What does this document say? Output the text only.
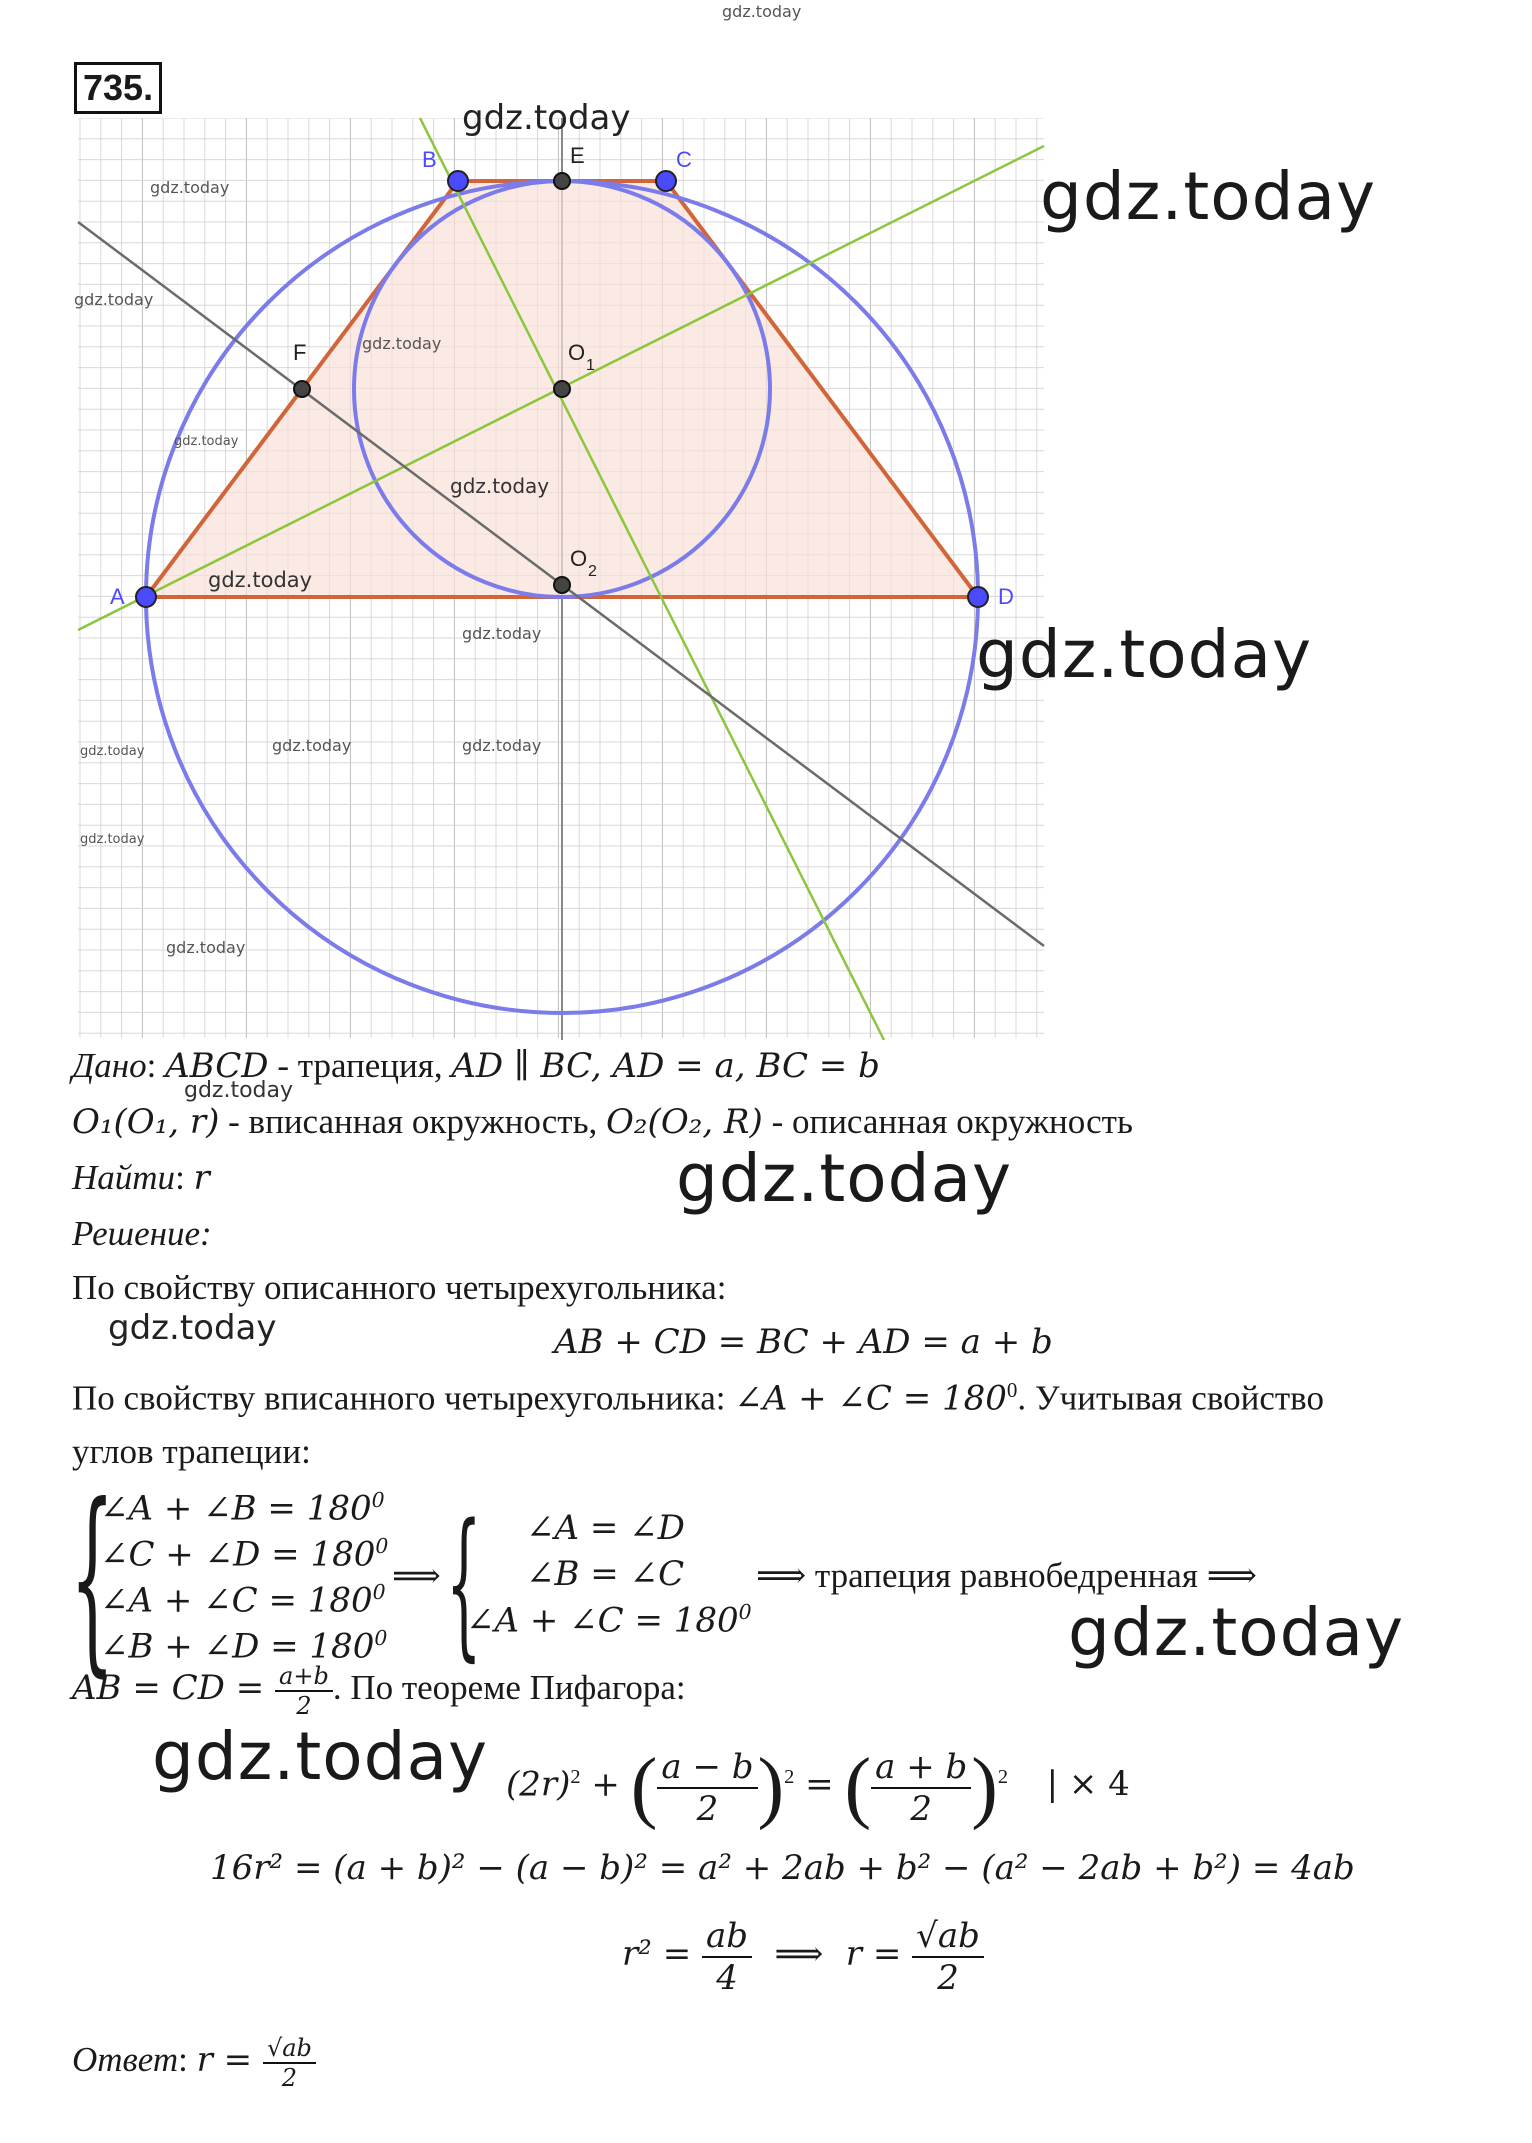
gdz.today
735.
B	C
E
A	D
F	O
1
O
2
gdz.today
gdz.today
gdz.today
gdz.today
gdz.today
gdz.today
gdz.today
gdz.today
gdz.today
gdz.today
gdz.today	gdz.today	gdz.today
gdz.today
gdz.today
Дано: ABCD - трапеция, AD ∥ BC, AD = a, BC = b
gdz.today
O₁(O₁, r) - вписанная окружность, O₂(O₂, R) - описанная окружность
Найти: r	gdz.today
Решение:
По свойству описанного четырехугольника:
gdz.today	AB + CD = BC + AD = a + b
По свойству вписанного четырехугольника: ∠A + ∠C = $180^0$. Учитывая свойство
углов трапеции:
{
∠A + ∠B = $180^0$
∠C + ∠D = $180^0$
∠A + ∠C = $180^0$
∠B + ∠D = $180^0$
⟹ { ∠A = ∠D
∠B = ∠C
∠A + ∠C = $180^0$
⟹ трапеция равнобедренная ⟹
gdz.today
AB = CD = $\frac{a+b}{2}$ . По теореме Пифагора:
gdz.today $(2r)^2$ + ( $\frac{a - b}{2} )^2$ = ( $\frac{a + b}{2} )^2$ | × 4
16r² = (a + b)² − (a − b)² = a² + 2ab + b² − (a² − 2ab + b²) = 4ab
$r^2 = \frac{ab}{4}$ ⟹ $r = \frac{√ab}{2}$
Ответ: $r = \frac{√ab}{2}$
